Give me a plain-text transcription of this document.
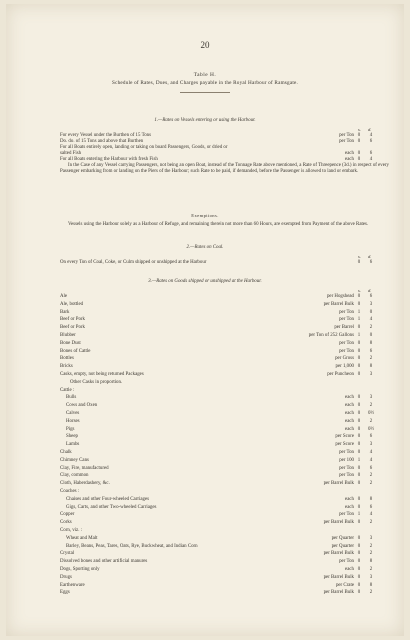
20
Table H.
Schedule of Rates, Dues, and Charges payable in the Royal Harbour of Ramsgate.
1.—Rates on Vessels entering or using the Harbour.
s. d.
For every Vessel under the Burthen of 15 Tons	per Ton 0	4
Do. do. of 15 Tons and above that Burthen	per Ton 0	6
For all Boats entirely open, landing or taking on board Passengers, Goods, or dried or
salted Fish	each 0	6
For all Boats entering the Harbour with fresh Fish	each 0	4
In the Case of any Vessel carrying Passengers, not being an open Boat, instead of the Tonnage Rate above mentioned, a Rate of Threepence (3d.) in respect of every Passenger embarking from or landing on the Piers of the Harbour; such Rate to be paid, if demanded, before the Passenger is allowed to land or embark.
Exemptions.
Vessels using the Harbour solely as a Harbour of Refuge, and remaining therein not more than 60 Hours, are exempted from Payment of the above Rates.
2.—Rates on Coal.
s. d.
On every Ton of Coal, Coke, or Culm shipped or unshipped at the Harbour	0	6
3.—Rates on Goods shipped or unshipped at the Harbour.
s. d.
Ale	per Hogshead 0	6
Ale, bottled	per Barrel Bulk 0	3
Bark	per Ton 1	0
Beef or Pork	per Ton 1	4
Beef or Pork	per Barrel 0	2
Blubber	per Ton of 252 Gallons 1	0
Bone Dust	per Ton 0	8
Bones of Cattle	per Ton 0	6
Bottles	per Gross 0	2
Bricks	per 1,000 0	8
Casks, empty, not being returned Packages	per Puncheon 0	3
Other Casks in proportion.
Cattle :
Bulls	each 0	3
Cows and Oxen	each 0	2
Calves	each 0	0½
Horses	each 0	2
Pigs	each 0	0½
Sheep	per Score 0	6
Lambs	per Score 0	3
Chalk	per Ton 0	4
Chimney Cans	per 100 1	4
Clay, Fire, manufactured	per Ton 0	6
Clay, common	per Ton 0	2
Cloth, Haberdashery, &c.	per Barrel Bulk 0	2
Coaches :
Chaises and other Four-wheeled Carriages	each 0	8
Gigs, Carts, and other Two-wheeled Carriages	each 0	6
Copper	per Ton 1	4
Corks	per Barrel Bulk 0	2
Corn, viz. :
Wheat and Malt	per Quarter 0	3
Barley, Beans, Peas, Tares, Oats, Rye, Buckwheat, and Indian Corn	per Quarter 0	2
Crystal	per Barrel Bulk 0	2
Dissolved bones and other artificial manures	per Ton 0	8
Dogs, Sporting only	each 0	2
Drugs	per Barrel Bulk 0	3
Earthenware	per Crate 0	8
Eggs	per Barrel Bulk 0	2
